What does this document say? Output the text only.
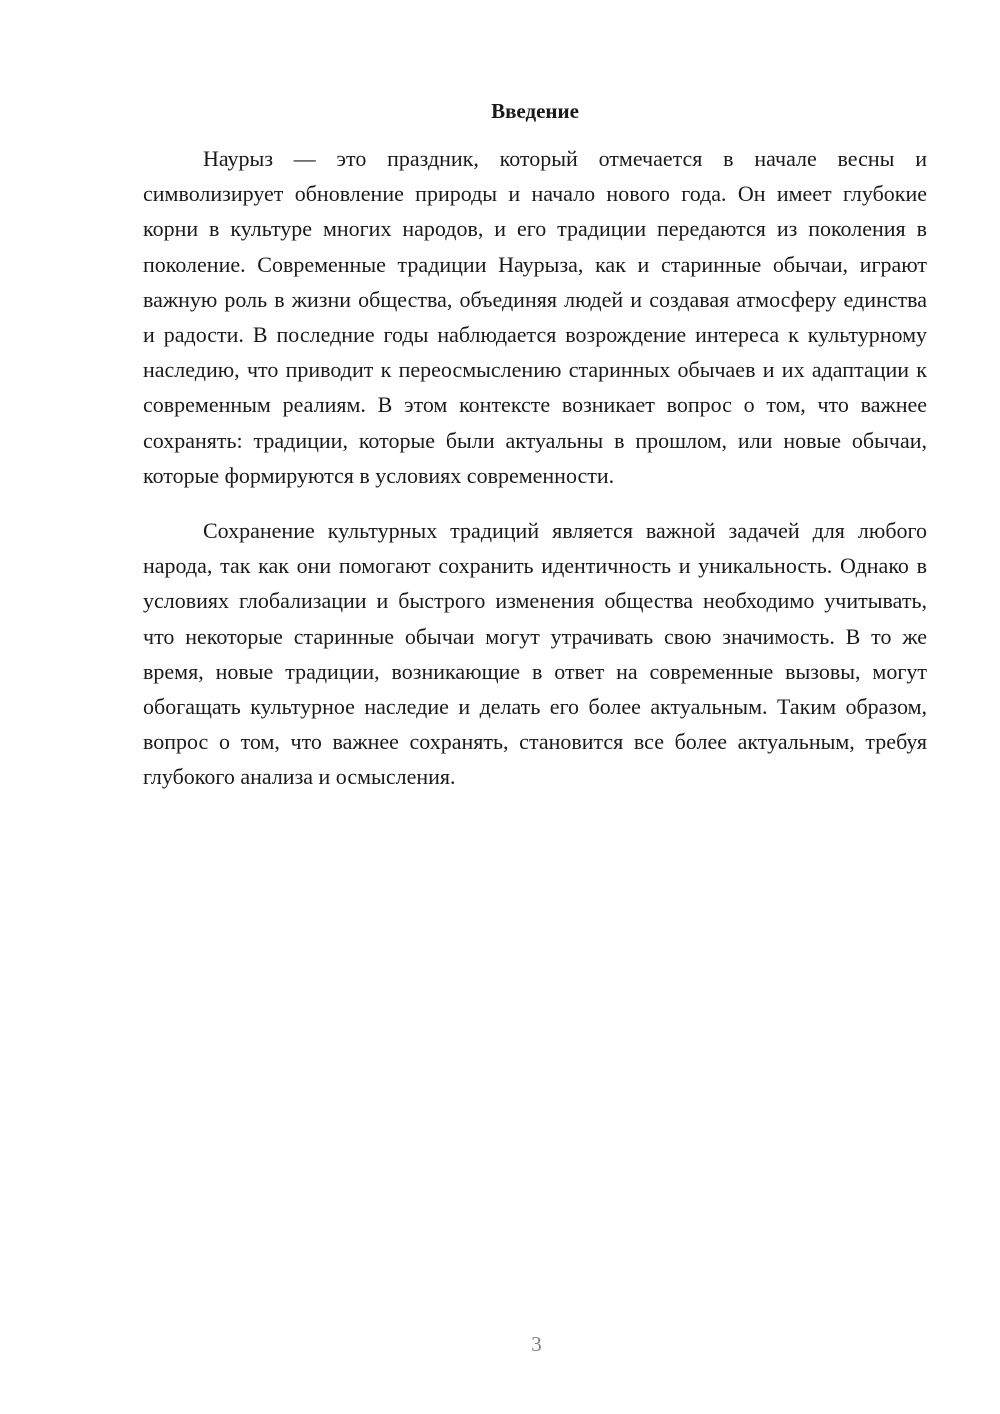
Введение

Наурыз — это праздник, который отмечается в начале весны и символизирует обновление природы и начало нового года. Он имеет глубокие корни в культуре многих народов, и его традиции передаются из поколения в поколение. Современные традиции Наурыза, как и старинные обычаи, играют важную роль в жизни общества, объединяя людей и создавая атмосферу единства и радости. В последние годы наблюдается возрождение интереса к культурному наследию, что приводит к переосмыслению старинных обычаев и их адаптации к современным реалиям. В этом контексте возникает вопрос о том, что важнее сохранять: традиции, которые были актуальны в прошлом, или новые обычаи, которые формируются в условиях современности.

Сохранение культурных традиций является важной задачей для любого народа, так как они помогают сохранить идентичность и уникальность. Однако в условиях глобализации и быстрого изменения общества необходимо учитывать, что некоторые старинные обычаи могут утрачивать свою значимость. В то же время, новые традиции, возникающие в ответ на современные вызовы, могут обогащать культурное наследие и делать его более актуальным. Таким образом, вопрос о том, что важнее сохранять, становится все более актуальным, требуя глубокого анализа и осмысления.

3
